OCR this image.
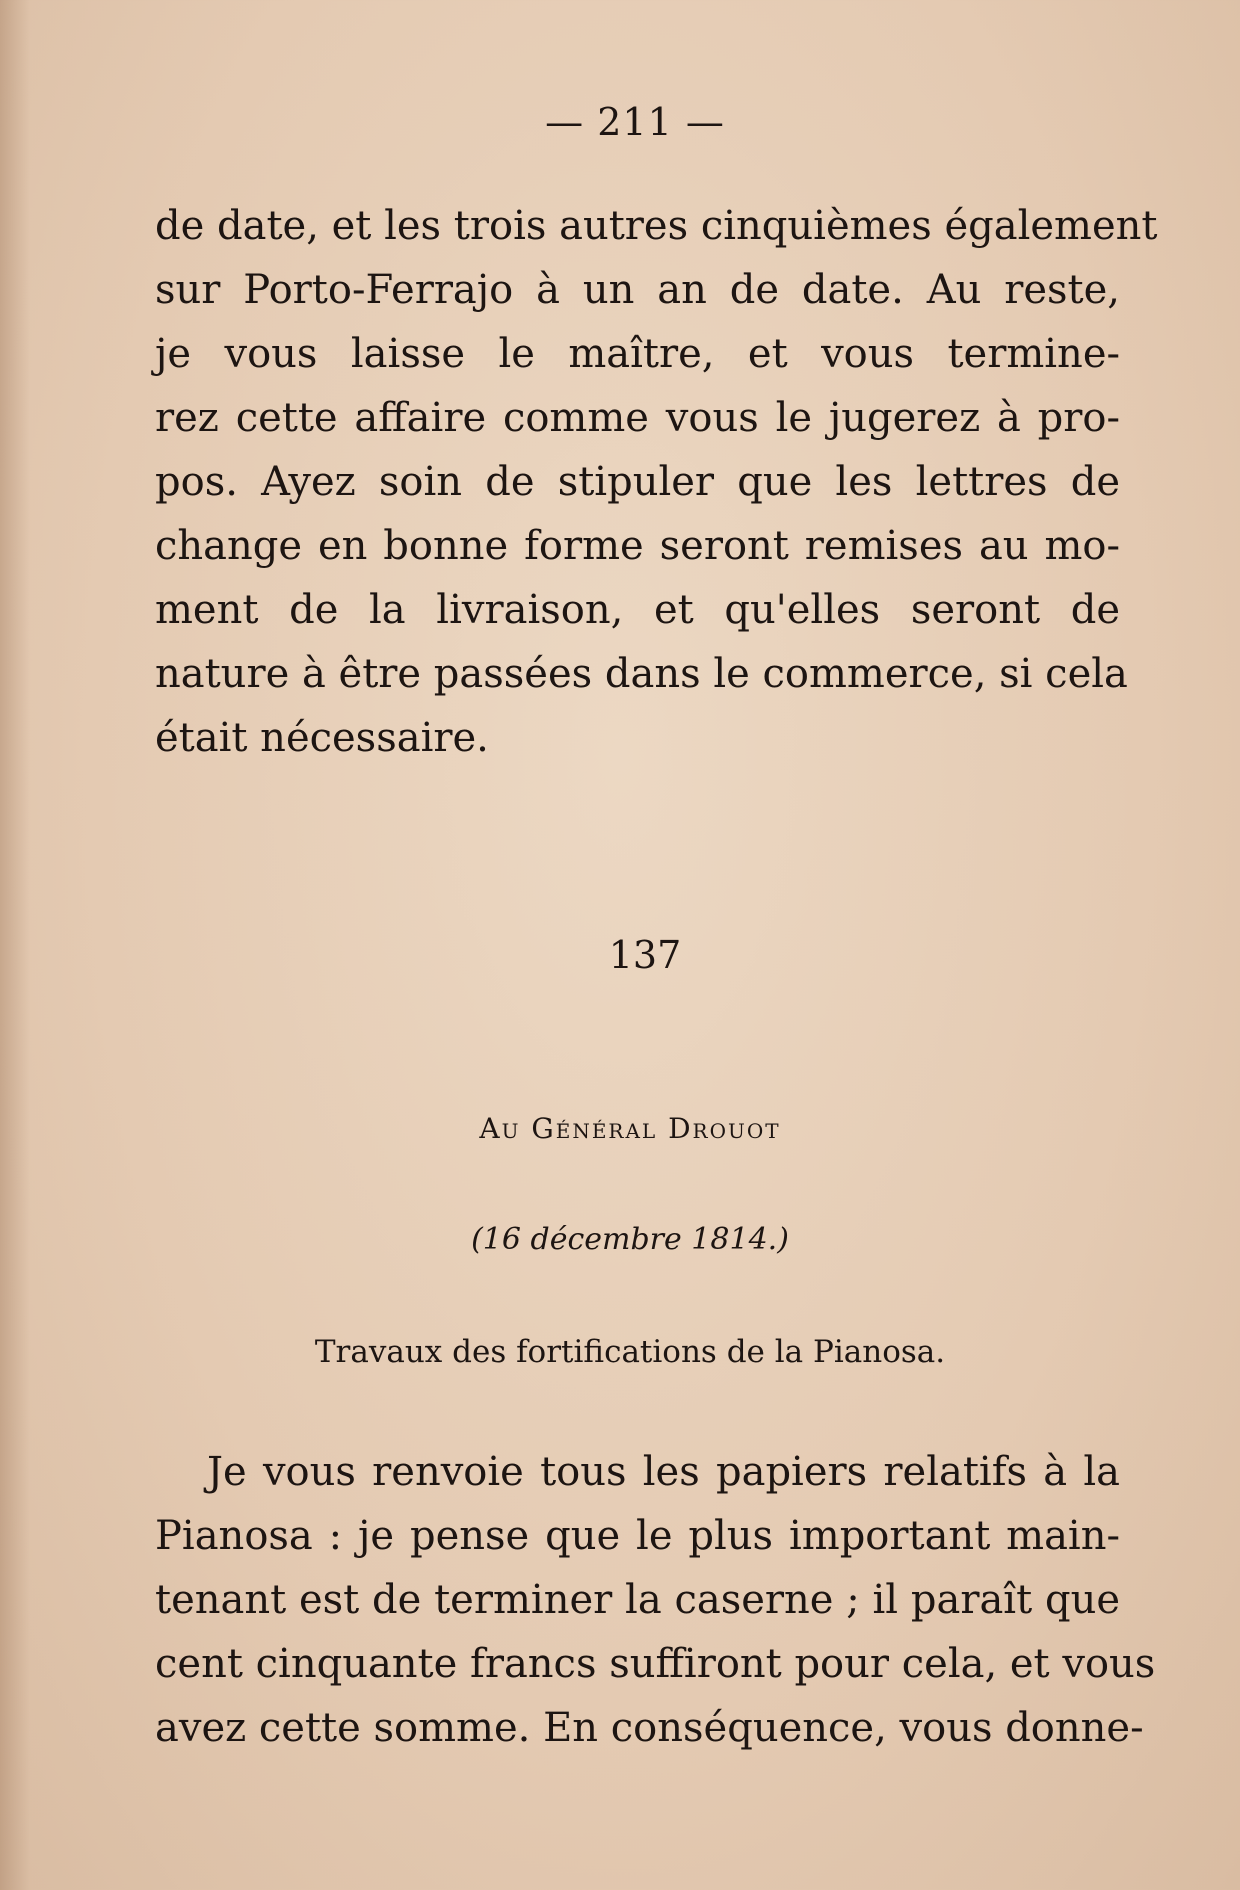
— 211 —
de date, et les trois autres cinquièmes également
sur Porto-Ferrajo à un an de date. Au reste,
je vous laisse le maître, et vous termine-
rez cette affaire comme vous le jugerez à pro-
pos. Ayez soin de stipuler que les lettres de
change en bonne forme seront remises au mo-
ment de la livraison, et qu'elles seront de
nature à être passées dans le commerce, si cela
était nécessaire.
137
Au Général Drouot
(16 décembre 1814.)
Travaux des fortifications de la Pianosa.
Je vous renvoie tous les papiers relatifs à la
Pianosa : je pense que le plus important main-
tenant est de terminer la caserne ; il paraît que
cent cinquante francs suffiront pour cela, et vous
avez cette somme. En conséquence, vous donne-
